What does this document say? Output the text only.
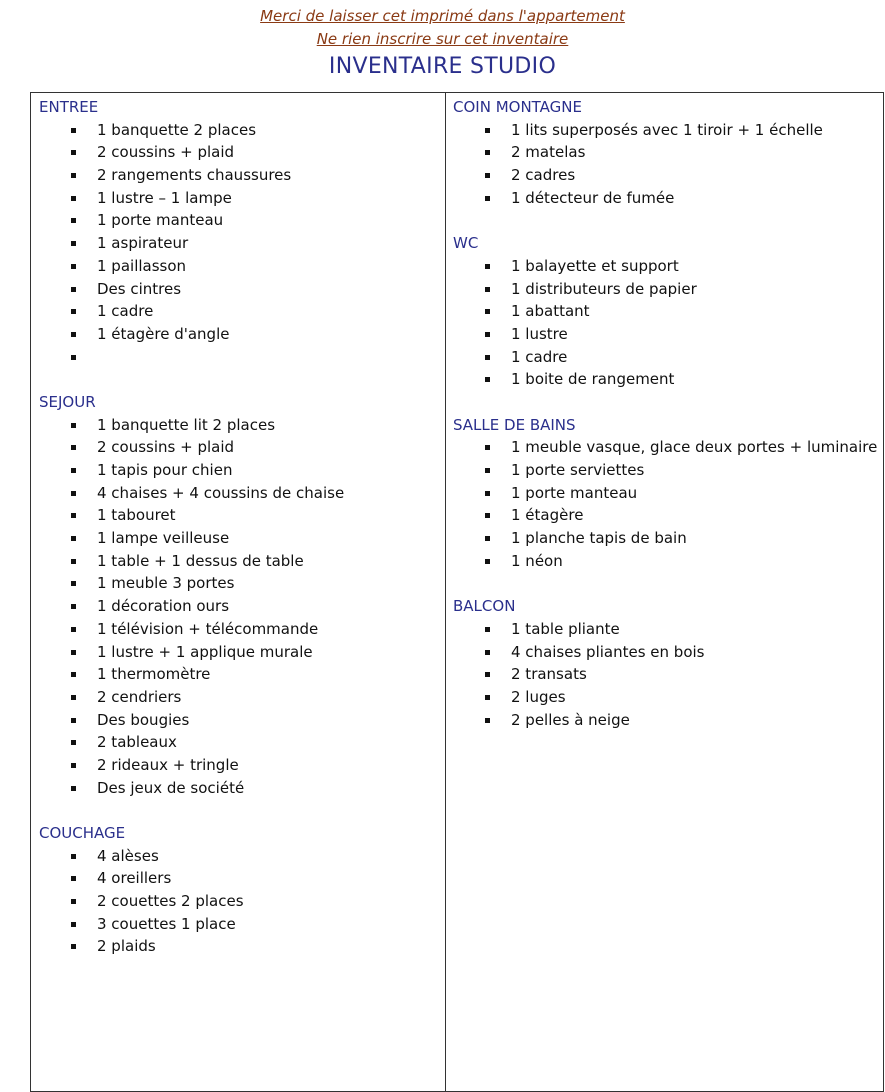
Merci de laisser cet imprimé dans l'appartement
Ne rien inscrire sur cet inventaire
INVENTAIRE STUDIO
ENTREE
1 banquette 2 places
2 coussins + plaid
2 rangements chaussures
1 lustre – 1 lampe
1 porte manteau
1 aspirateur
1 paillasson
Des cintres
1 cadre
1 étagère d'angle
SEJOUR
1 banquette lit 2 places
2 coussins + plaid
1 tapis pour chien
4 chaises + 4 coussins de chaise
1 tabouret
1 lampe veilleuse
1 table + 1 dessus de table
1 meuble 3 portes
1 décoration ours
1 télévision + télécommande
1 lustre + 1 applique murale
1 thermomètre
2 cendriers
Des bougies
2 tableaux
2 rideaux + tringle
Des jeux de société
COUCHAGE
4 alèses
4 oreillers
2 couettes 2 places
3 couettes 1 place
2 plaids
COIN MONTAGNE
1 lits superposés avec 1 tiroir + 1 échelle
2 matelas
2 cadres
1 détecteur de fumée
WC
1 balayette et support
1 distributeurs de papier
1 abattant
1 lustre
1 cadre
1 boite de rangement
SALLE DE BAINS
1 meuble vasque, glace deux portes + luminaire
1 porte serviettes
1 porte manteau
1 étagère
1 planche tapis de bain
1 néon
BALCON
1 table pliante
4 chaises pliantes en bois
2 transats
2 luges
2 pelles à neige
